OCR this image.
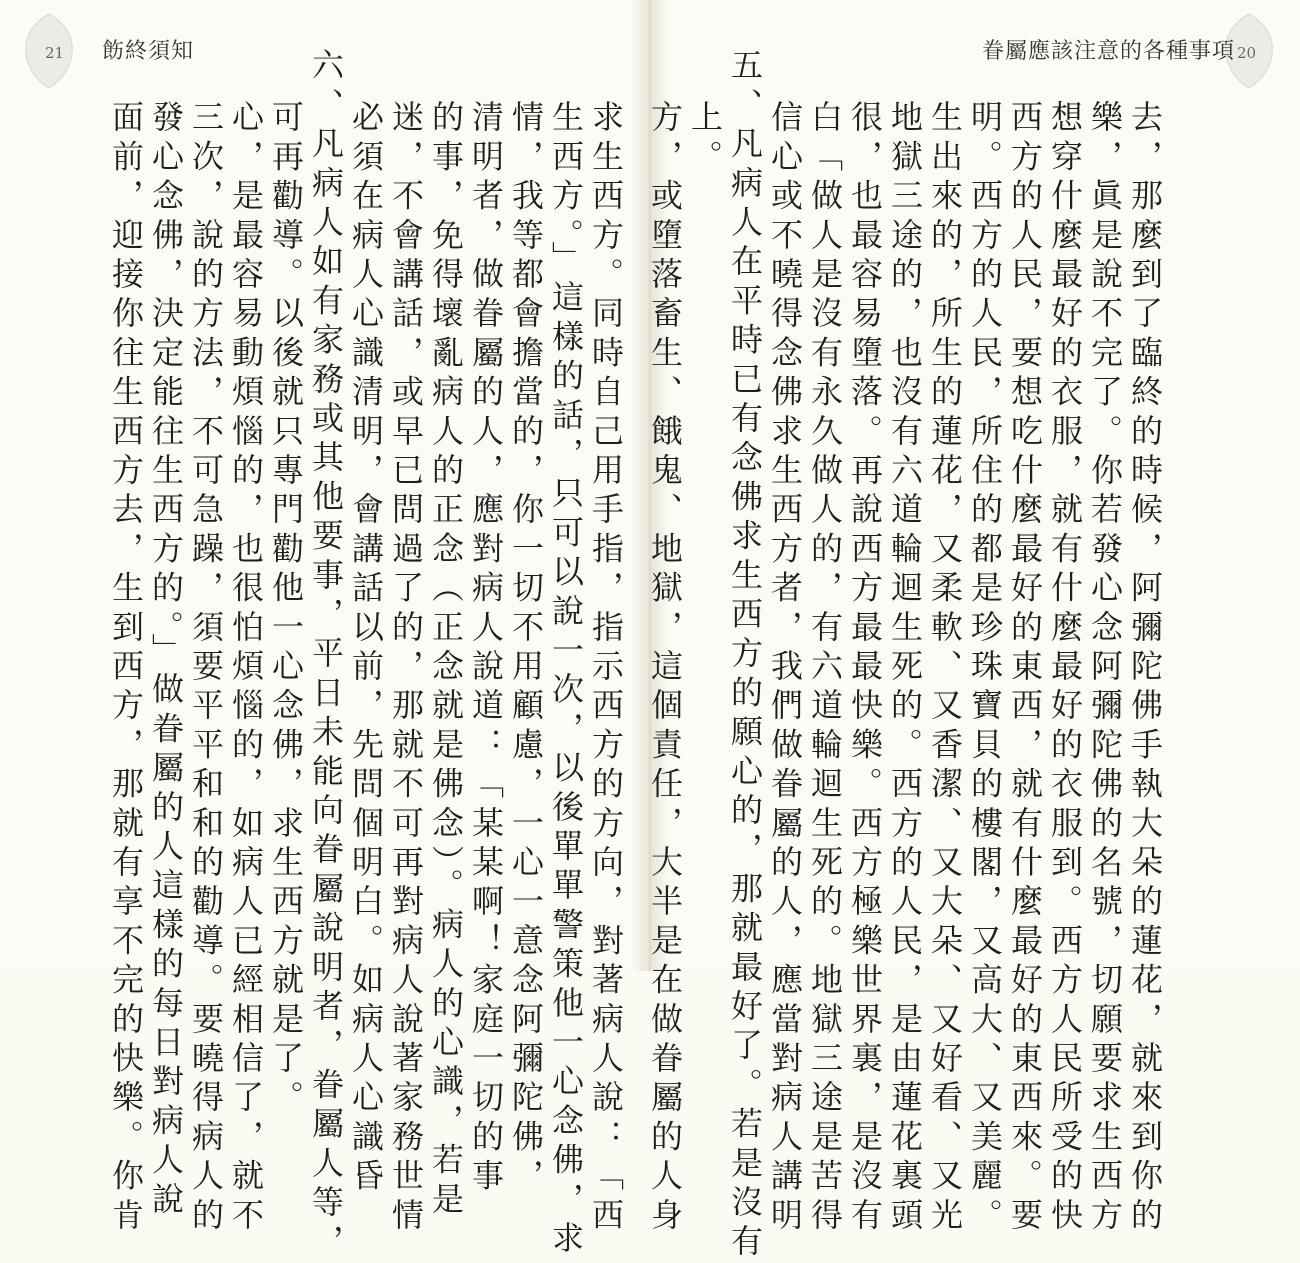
21	20
飭終須知	眷屬應該注意的各種事項
去，那麼到了臨終的時候，阿彌陀佛手執大朵的蓮花，就來到你的
樂，眞是說不完了。你若發心念阿彌陀佛的名號，切願要求生西方
想穿什麼最好的衣服，就有什麼最好的衣服到。西方人民所受的快
西方的人民，要想吃什麼最好的東西，就有什麼最好的東西來。要
明。西方的人民，所住的都是珍珠寶貝的樓閣，又高大、又美麗。
生出來的，所生的蓮花，又柔軟、又香潔、又大朵、又好看、又光
地獄三途的，也沒有六道輪迴生死的。西方的人民，是由蓮花裏頭
很，也最容易墮落。再說西方最最快樂。西方極樂世界裏，是沒有
白「做人是沒有永久做人的，有六道輪迴生死的。地獄三途是苦得
信心或不曉得念佛求生西方者，我們做眷屬的人，應當對病人講明
五、凡病人在平時已有念佛求生西方的願心的，那就最好了。若是沒有
上。
方，或墮落畜生、餓鬼、地獄，這個責任，大半是在做眷屬的人身
求生西方。同時自己用手指，指示西方的方向，對著病人說：「西
生西方。」這樣的話，只可以說一次，以後單單警策他一心念佛，求
情，我等都會擔當的，你一切不用顧慮，一心一意念阿彌陀佛，
清明者，做眷屬的人，應對病人說道：「某某啊！家庭一切的事
的事，免得壞亂病人的正念（正念就是佛念）。病人的心識，若是
迷，不會講話，或早已問過了的，那就不可再對病人說著家務世情
必須在病人心識清明，會講話以前，先問個明白。如病人心識昏
六、凡病人如有家務或其他要事，平日未能向眷屬說明者，眷屬人等，
可再勸導。以後就只專門勸他一心念佛，求生西方就是了。
心，是最容易動煩惱的，也很怕煩惱的，如病人已經相信了，就不
三次，說的方法，不可急躁，須要平平和和的勸導。要曉得病人的
發心念佛，決定能往生西方的。」做眷屬的人這樣的每日對病人說
面前，迎接你往生西方去，生到西方，那就有享不完的快樂。你肯
